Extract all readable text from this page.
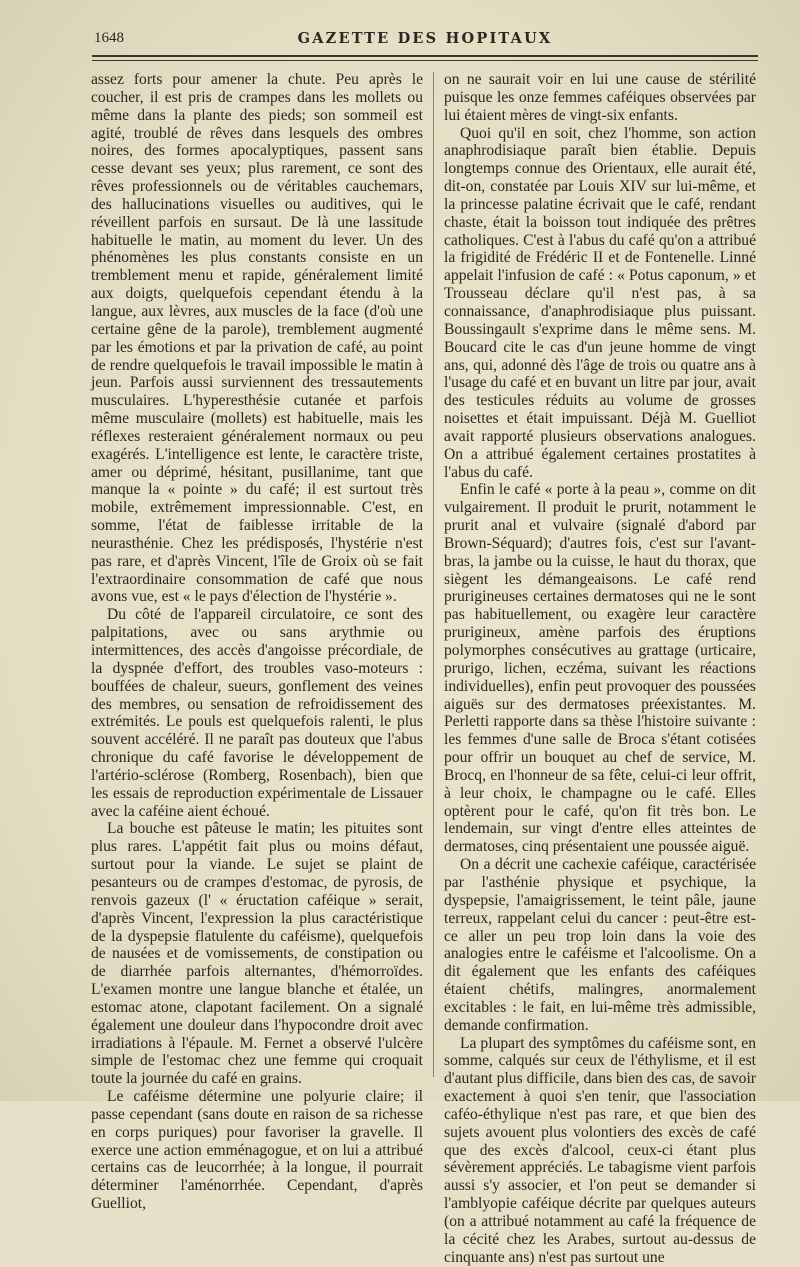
1648	GAZETTE DES HOPITAUX

assez forts pour amener la chute. Peu après le coucher, il est pris de crampes dans les mollets ou même dans la plante des pieds; son sommeil est agité, troublé de rêves dans lesquels des ombres noires, des formes apocalyptiques, passent sans cesse devant ses yeux; plus rarement, ce sont des rêves professionnels ou de véritables cauchemars, des hallucinations visuelles ou auditives, qui le réveillent parfois en sursaut. De là une lassitude habituelle le matin, au moment du lever. Un des phénomènes les plus constants consiste en un tremblement menu et rapide, généralement limité aux doigts, quelquefois cependant étendu à la langue, aux lèvres, aux muscles de la face (d'où une certaine gêne de la parole), tremblement augmenté par les émotions et par la privation de café, au point de rendre quelquefois le travail impossible le matin à jeun. Parfois aussi surviennent des tressautements musculaires. L'hyperesthésie cutanée et parfois même musculaire (mollets) est habituelle, mais les réflexes resteraient généralement normaux ou peu exagérés. L'intelligence est lente, le caractère triste, amer ou déprimé, hésitant, pusillanime, tant que manque la « pointe » du café; il est surtout très mobile, extrêmement impressionnable. C'est, en somme, l'état de faiblesse irritable de la neurasthénie. Chez les prédisposés, l'hystérie n'est pas rare, et d'après Vincent, l'île de Groix où se fait l'extraordinaire consommation de café que nous avons vue, est « le pays d'élection de l'hystérie ».

Du côté de l'appareil circulatoire, ce sont des palpitations, avec ou sans arythmie ou intermittences, des accès d'angoisse précordiale, de la dyspnée d'effort, des troubles vaso-moteurs : bouffées de chaleur, sueurs, gonflement des veines des membres, ou sensation de refroidissement des extrémités. Le pouls est quelquefois ralenti, le plus souvent accéléré. Il ne paraît pas douteux que l'abus chronique du café favorise le développement de l'artério-sclérose (Romberg, Rosenbach), bien que les essais de reproduction expérimentale de Lissauer avec la caféine aient échoué.

La bouche est pâteuse le matin; les pituites sont plus rares. L'appétit fait plus ou moins défaut, surtout pour la viande. Le sujet se plaint de pesanteurs ou de crampes d'estomac, de pyrosis, de renvois gazeux (l' « éructation caféique » serait, d'après Vincent, l'expression la plus caractéristique de la dyspepsie flatulente du caféisme), quelquefois de nausées et de vomissements, de constipation ou de diarrhée parfois alternantes, d'hémorroïdes. L'examen montre une langue blanche et étalée, un estomac atone, clapotant facilement. On a signalé également une douleur dans l'hypocondre droit avec irradiations à l'épaule. M. Fernet a observé l'ulcère simple de l'estomac chez une femme qui croquait toute la journée du café en grains.

Le caféisme détermine une polyurie claire; il passe cependant (sans doute en raison de sa richesse en corps puriques) pour favoriser la gravelle. Il exerce une action emménagogue, et on lui a attribué certains cas de leucorrhée; à la longue, il pourrait déterminer l'aménorrhée. Cependant, d'après Guelliot,

on ne saurait voir en lui une cause de stérilité puisque les onze femmes caféiques observées par lui étaient mères de vingt-six enfants.

Quoi qu'il en soit, chez l'homme, son action anaphrodisiaque paraît bien établie. Depuis longtemps connue des Orientaux, elle aurait été, dit-on, constatée par Louis XIV sur lui-même, et la princesse palatine écrivait que le café, rendant chaste, était la boisson tout indiquée des prêtres catholiques. C'est à l'abus du café qu'on a attribué la frigidité de Frédéric II et de Fontenelle. Linné appelait l'infusion de café : « Potus caponum, » et Trousseau déclare qu'il n'est pas, à sa connaissance, d'anaphrodisiaque plus puissant. Boussingault s'exprime dans le même sens. M. Boucard cite le cas d'un jeune homme de vingt ans, qui, adonné dès l'âge de trois ou quatre ans à l'usage du café et en buvant un litre par jour, avait des testicules réduits au volume de grosses noisettes et était impuissant. Déjà M. Guelliot avait rapporté plusieurs observations analogues. On a attribué également certaines prostatites à l'abus du café.

Enfin le café « porte à la peau », comme on dit vulgairement. Il produit le prurit, notamment le prurit anal et vulvaire (signalé d'abord par Brown-Séquard); d'autres fois, c'est sur l'avant-bras, la jambe ou la cuisse, le haut du thorax, que siègent les démangeaisons. Le café rend prurigineuses certaines dermatoses qui ne le sont pas habituellement, ou exagère leur caractère prurigineux, amène parfois des éruptions polymorphes consécutives au grattage (urticaire, prurigo, lichen, eczéma, suivant les réactions individuelles), enfin peut provoquer des poussées aiguës sur des dermatoses préexistantes. M. Perletti rapporte dans sa thèse l'histoire suivante : les femmes d'une salle de Broca s'étant cotisées pour offrir un bouquet au chef de service, M. Brocq, en l'honneur de sa fête, celui-ci leur offrit, à leur choix, le champagne ou le café. Elles optèrent pour le café, qu'on fit très bon. Le lendemain, sur vingt d'entre elles atteintes de dermatoses, cinq présentaient une poussée aiguë.

On a décrit une cachexie caféique, caractérisée par l'asthénie physique et psychique, la dyspepsie, l'amaigrissement, le teint pâle, jaune terreux, rappelant celui du cancer : peut-être est-ce aller un peu trop loin dans la voie des analogies entre le caféisme et l'alcoolisme. On a dit également que les enfants des caféiques étaient chétifs, malingres, anormalement excitables : le fait, en lui-même très admissible, demande confirmation.

La plupart des symptômes du caféisme sont, en somme, calqués sur ceux de l'éthylisme, et il est d'autant plus difficile, dans bien des cas, de savoir exactement à quoi s'en tenir, que l'association caféo-éthylique n'est pas rare, et que bien des sujets avouent plus volontiers des excès de café que des excès d'alcool, ceux-ci étant plus sévèrement appréciés. Le tabagisme vient parfois aussi s'y associer, et l'on peut se demander si l'amblyopie caféique décrite par quelques auteurs (on a attribué notamment au café la fréquence de la cécité chez les Arabes, surtout au-dessus de cinquante ans) n'est pas surtout une
